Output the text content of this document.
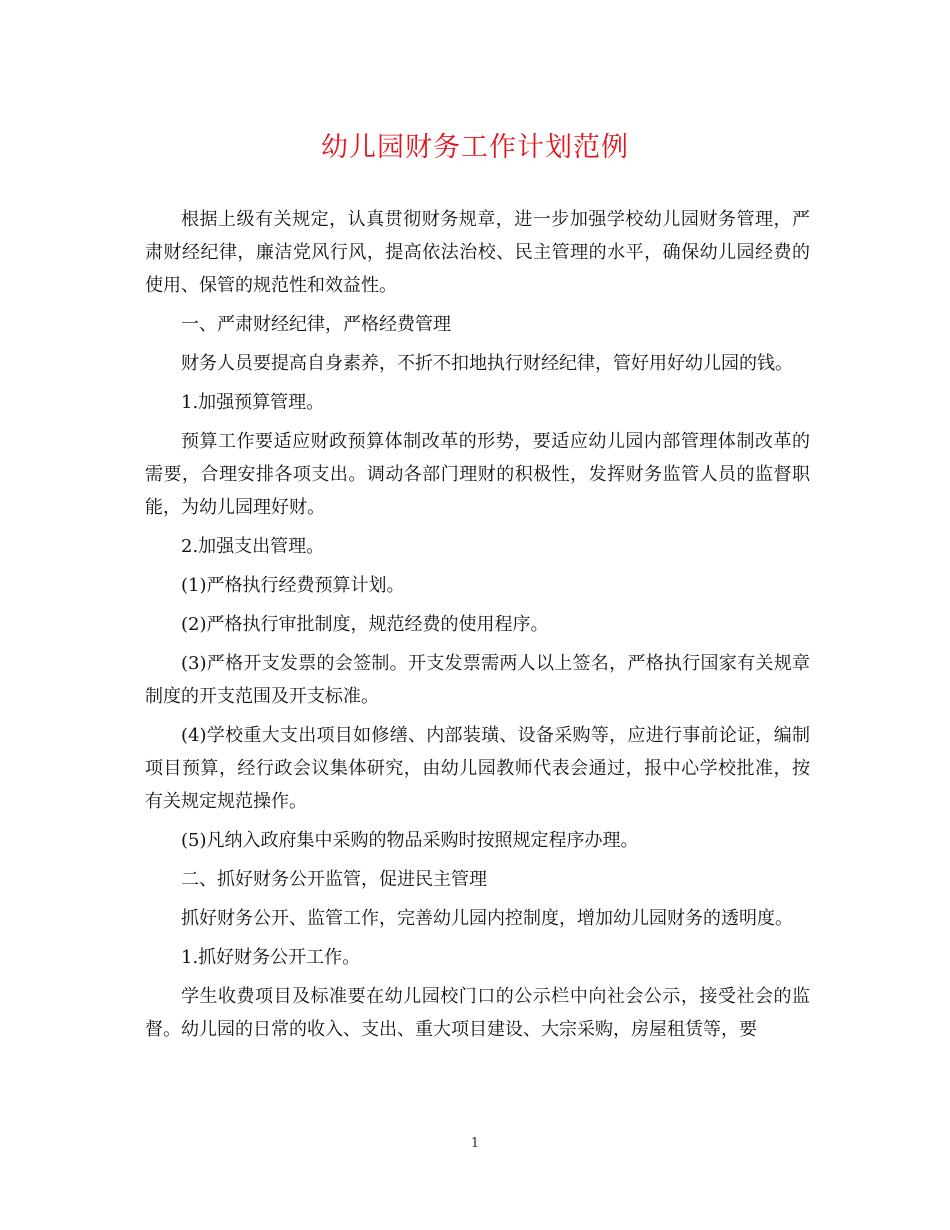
幼儿园财务工作计划范例

根据上级有关规定，认真贯彻财务规章，进一步加强学校幼儿园财务管理，严肃财经纪律，廉洁党风行风，提高依法治校、民主管理的水平，确保幼儿园经费的使用、保管的规范性和效益性。

一、严肃财经纪律，严格经费管理

财务人员要提高自身素养，不折不扣地执行财经纪律，管好用好幼儿园的钱。

1.加强预算管理。

预算工作要适应财政预算体制改革的形势，要适应幼儿园内部管理体制改革的需要，合理安排各项支出。调动各部门理财的积极性，发挥财务监管人员的监督职能，为幼儿园理好财。

2.加强支出管理。

(1)严格执行经费预算计划。

(2)严格执行审批制度，规范经费的使用程序。

(3)严格开支发票的会签制。开支发票需两人以上签名，严格执行国家有关规章制度的开支范围及开支标准。

(4)学校重大支出项目如修缮、内部装璜、设备采购等，应进行事前论证，编制项目预算，经行政会议集体研究，由幼儿园教师代表会通过，报中心学校批准，按有关规定规范操作。

(5)凡纳入政府集中采购的物品采购时按照规定程序办理。

二、抓好财务公开监管，促进民主管理

抓好财务公开、监管工作，完善幼儿园内控制度，增加幼儿园财务的透明度。

1.抓好财务公开工作。

学生收费项目及标准要在幼儿园校门口的公示栏中向社会公示，接受社会的监督。幼儿园的日常的收入、支出、重大项目建设、大宗采购，房屋租赁等，要

1
